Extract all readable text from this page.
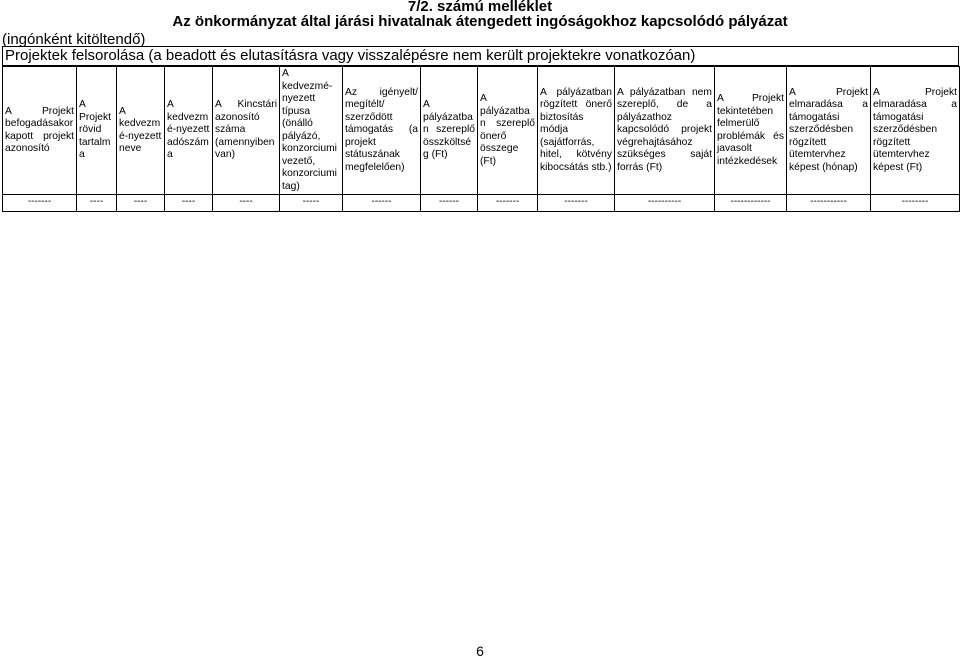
7/2. számú melléklet
Az önkormányzat által járási hivatalnak átengedett ingóságokhoz kapcsolódó pályázat
(ingónként kitöltendő)
Projektek felsorolása (a beadott és elutasításra vagy visszalépésre nem került projektekre vonatkozóan)
A Projekt befogadásakor kapott projekt azonosító	A Projekt rövid tartalma	A kedvezmé-nyezett neve	A kedvezmé-nyezett adószáma	A Kincstári azonosító száma (amennyiben van)	A kedvezmé-nyezett típusa (önálló pályázó, konzorciumi vezető, konzorciumi tag)	Az igényelt/ megítélt/ szerződött támogatás (a projekt státuszának megfelelően)	A pályázatban szereplő összköltség (Ft)	A pályázatban szereplő önerő összege (Ft)	A pályázatban rögzített önerő biztosítás módja (sajátforrás, hitel, kötvény kibocsátás stb.)	A pályázatban nem szereplő, de a pályázathoz kapcsolódó projekt végrehajtásához szükséges saját forrás (Ft)	A Projekt tekintetében felmerülő problémák és javasolt intézkedések	A Projekt elmaradása a támogatási szerződésben rögzített ütemtervhez képest (hónap)	A Projekt elmaradása a támogatási szerződésben rögzített ütemtervhez képest (Ft)
-------	----	----	----	----	-----	------	------	-------	-------	----------	------------	-----------	--------
6
